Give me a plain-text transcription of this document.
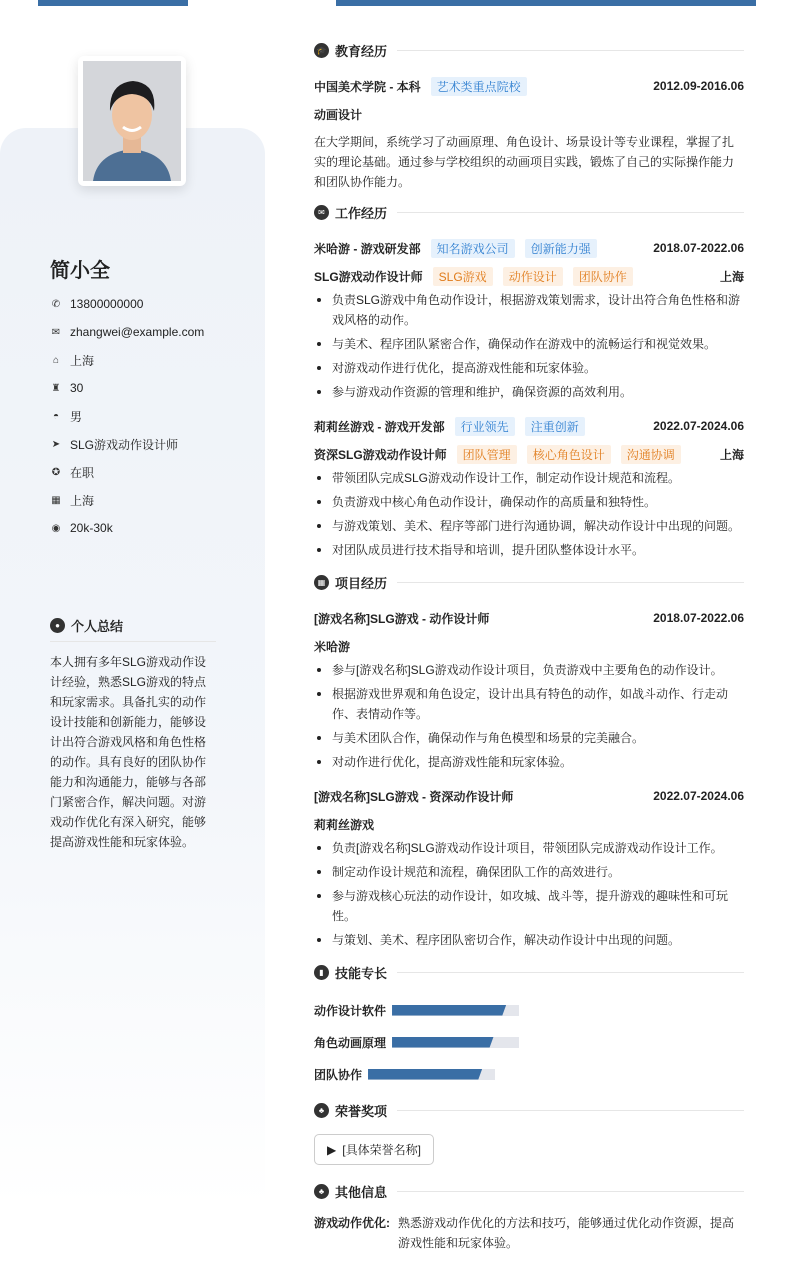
简小全
✆ 13800000000
✉ zhangwei@example.com
⌂ 上海
♜ 30
◓ 男
➤ SLG游戏动作设计师
✪ 在职
▦ 上海
◉ 20k-30k
● 个人总结
本人拥有多年SLG游戏动作设计经验，熟悉SLG游戏的特点和玩家需求。具备扎实的动作设计技能和创新能力，能够设计出符合游戏风格和角色性格的动作。具有良好的团队协作能力和沟通能力，能够与各部门紧密合作，解决问题。对游戏动作优化有深入研究，能够提高游戏性能和玩家体验。
🎓 教育经历
中国美术学院 - 本科	艺术类重点院校	2012.09-2016.06
动画设计
在大学期间，系统学习了动画原理、角色设计、场景设计等专业课程，掌握了扎实的理论基础。通过参与学校组织的动画项目实践，锻炼了自己的实际操作能力和团队协作能力。
✉ 工作经历
米哈游 - 游戏研发部	知名游戏公司	创新能力强	2018.07-2022.06
SLG游戏动作设计师	SLG游戏	动作设计	团队协作	上海
负责SLG游戏中角色动作设计，根据游戏策划需求，设计出符合角色性格和游戏风格的动作。
与美术、程序团队紧密合作，确保动作在游戏中的流畅运行和视觉效果。
对游戏动作进行优化，提高游戏性能和玩家体验。
参与游戏动作资源的管理和维护，确保资源的高效利用。
莉莉丝游戏 - 游戏开发部	行业领先	注重创新	2022.07-2024.06
资深SLG游戏动作设计师	团队管理	核心角色设计	沟通协调	上海
带领团队完成SLG游戏动作设计工作，制定动作设计规范和流程。
负责游戏中核心角色动作设计，确保动作的高质量和独特性。
与游戏策划、美术、程序等部门进行沟通协调，解决动作设计中出现的问题。
对团队成员进行技术指导和培训，提升团队整体设计水平。
▦ 项目经历
[游戏名称]SLG游戏 - 动作设计师	2018.07-2022.06
米哈游
参与[游戏名称]SLG游戏动作设计项目，负责游戏中主要角色的动作设计。
根据游戏世界观和角色设定，设计出具有特色的动作，如战斗动作、行走动作、表情动作等。
与美术团队合作，确保动作与角色模型和场景的完美融合。
对动作进行优化，提高游戏性能和玩家体验。
[游戏名称]SLG游戏 - 资深动作设计师	2022.07-2024.06
莉莉丝游戏
负责[游戏名称]SLG游戏动作设计项目，带领团队完成游戏动作设计工作。
制定动作设计规范和流程，确保团队工作的高效进行。
参与游戏核心玩法的动作设计，如攻城、战斗等，提升游戏的趣味性和可玩性。
与策划、美术、程序团队密切合作，解决动作设计中出现的问题。
▮ 技能专长
动作设计软件
角色动画原理
团队协作
♣ 荣誉奖项
▶ [具体荣誉名称]
♣ 其他信息
游戏动作优化: 熟悉游戏动作优化的方法和技巧，能够通过优化动作资源，提高游戏性能和玩家体验。
